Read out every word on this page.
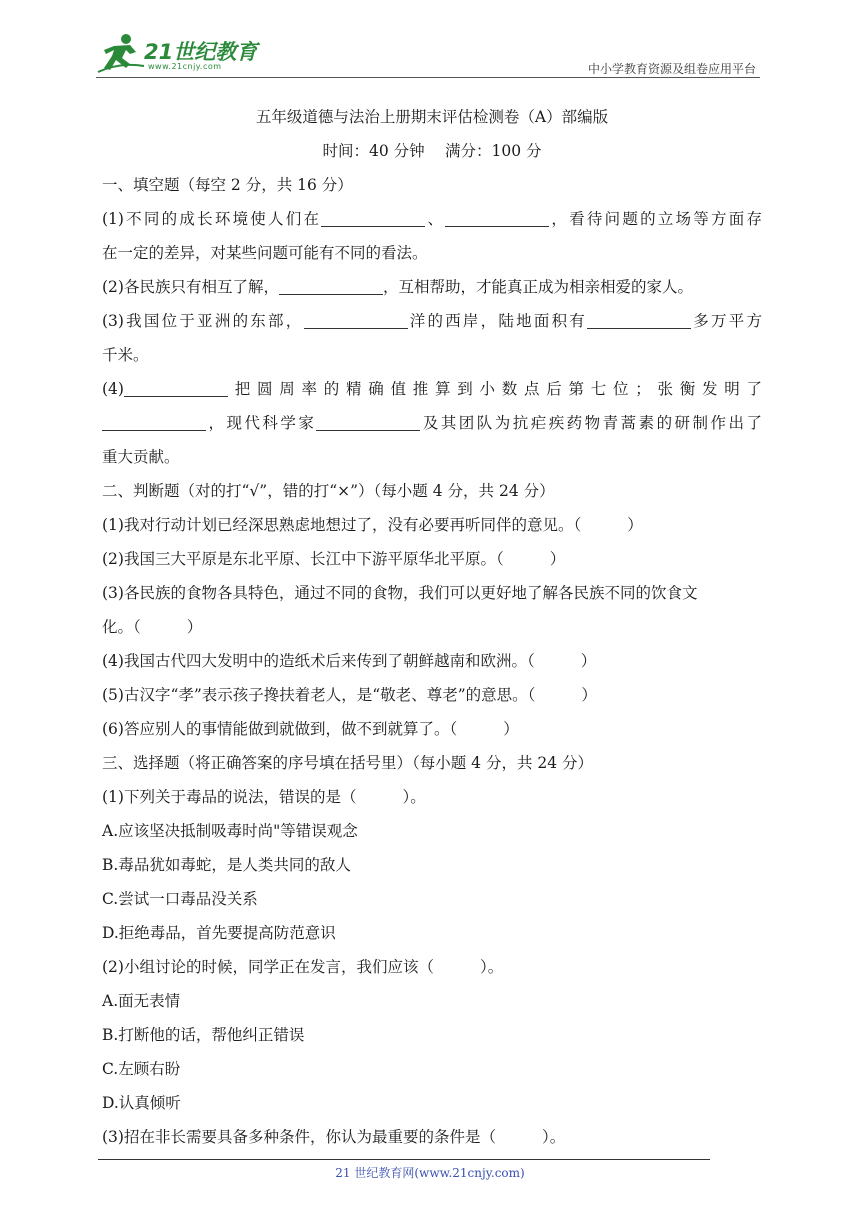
21世纪教育
www.21cnjy.com	中小学教育资源及组卷应用平台
五年级道德与法治上册期末评估检测卷（A）部编版
时间：40 分钟　 满分：100 分
一、填空题（每空 2 分，共 16 分）
(1)不同的成长环境使人们在	、	，看待问题的立场等方面存
在一定的差异，对某些问题可能有不同的看法。
(2)各民族只有相互了解，	，互相帮助，才能真正成为相亲相爱的家人。
(3)我国位于亚洲的东部，	洋的西岸，陆地面积有	多万平方
千米。
(4)	把圆周率的精确值推算到小数点后第七位；张衡发明了
，现代科学家	及其团队为抗疟疾药物青蒿素的研制作出了
重大贡献。
二、判断题（对的打“√”，错的打“×”）（每小题 4 分，共 24 分）
(1)我对行动计划已经深思熟虑地想过了，没有必要再听同伴的意见。（	）
(2)我国三大平原是东北平原、长江中下游平原华北平原。（	）
(3)各民族的食物各具特色，通过不同的食物，我们可以更好地了解各民族不同的饮食文
化。（	）
(4)我国古代四大发明中的造纸术后来传到了朝鲜越南和欧洲。（	）
(5)古汉字“孝”表示孩子搀扶着老人，是“敬老、尊老”的意思。（	）
(6)答应别人的事情能做到就做到，做不到就算了。（	）
三、选择题（将正确答案的序号填在括号里）（每小题 4 分，共 24 分）
(1)下列关于毒品的说法，错误的是（	）。
A.应该坚决抵制吸毒时尚"等错误观念
B.毒品犹如毒蛇，是人类共同的敌人
C.尝试一口毒品没关系
D.拒绝毒品，首先要提高防范意识
(2)小组讨论的时候，同学正在发言，我们应该（	）。
A.面无表情
B.打断他的话，帮他纠正错误
C.左顾右盼
D.认真倾听
(3)招在非长需要具备多种条件，你认为最重要的条件是（	）。
21 世纪教育网(www.21cnjy.com)
